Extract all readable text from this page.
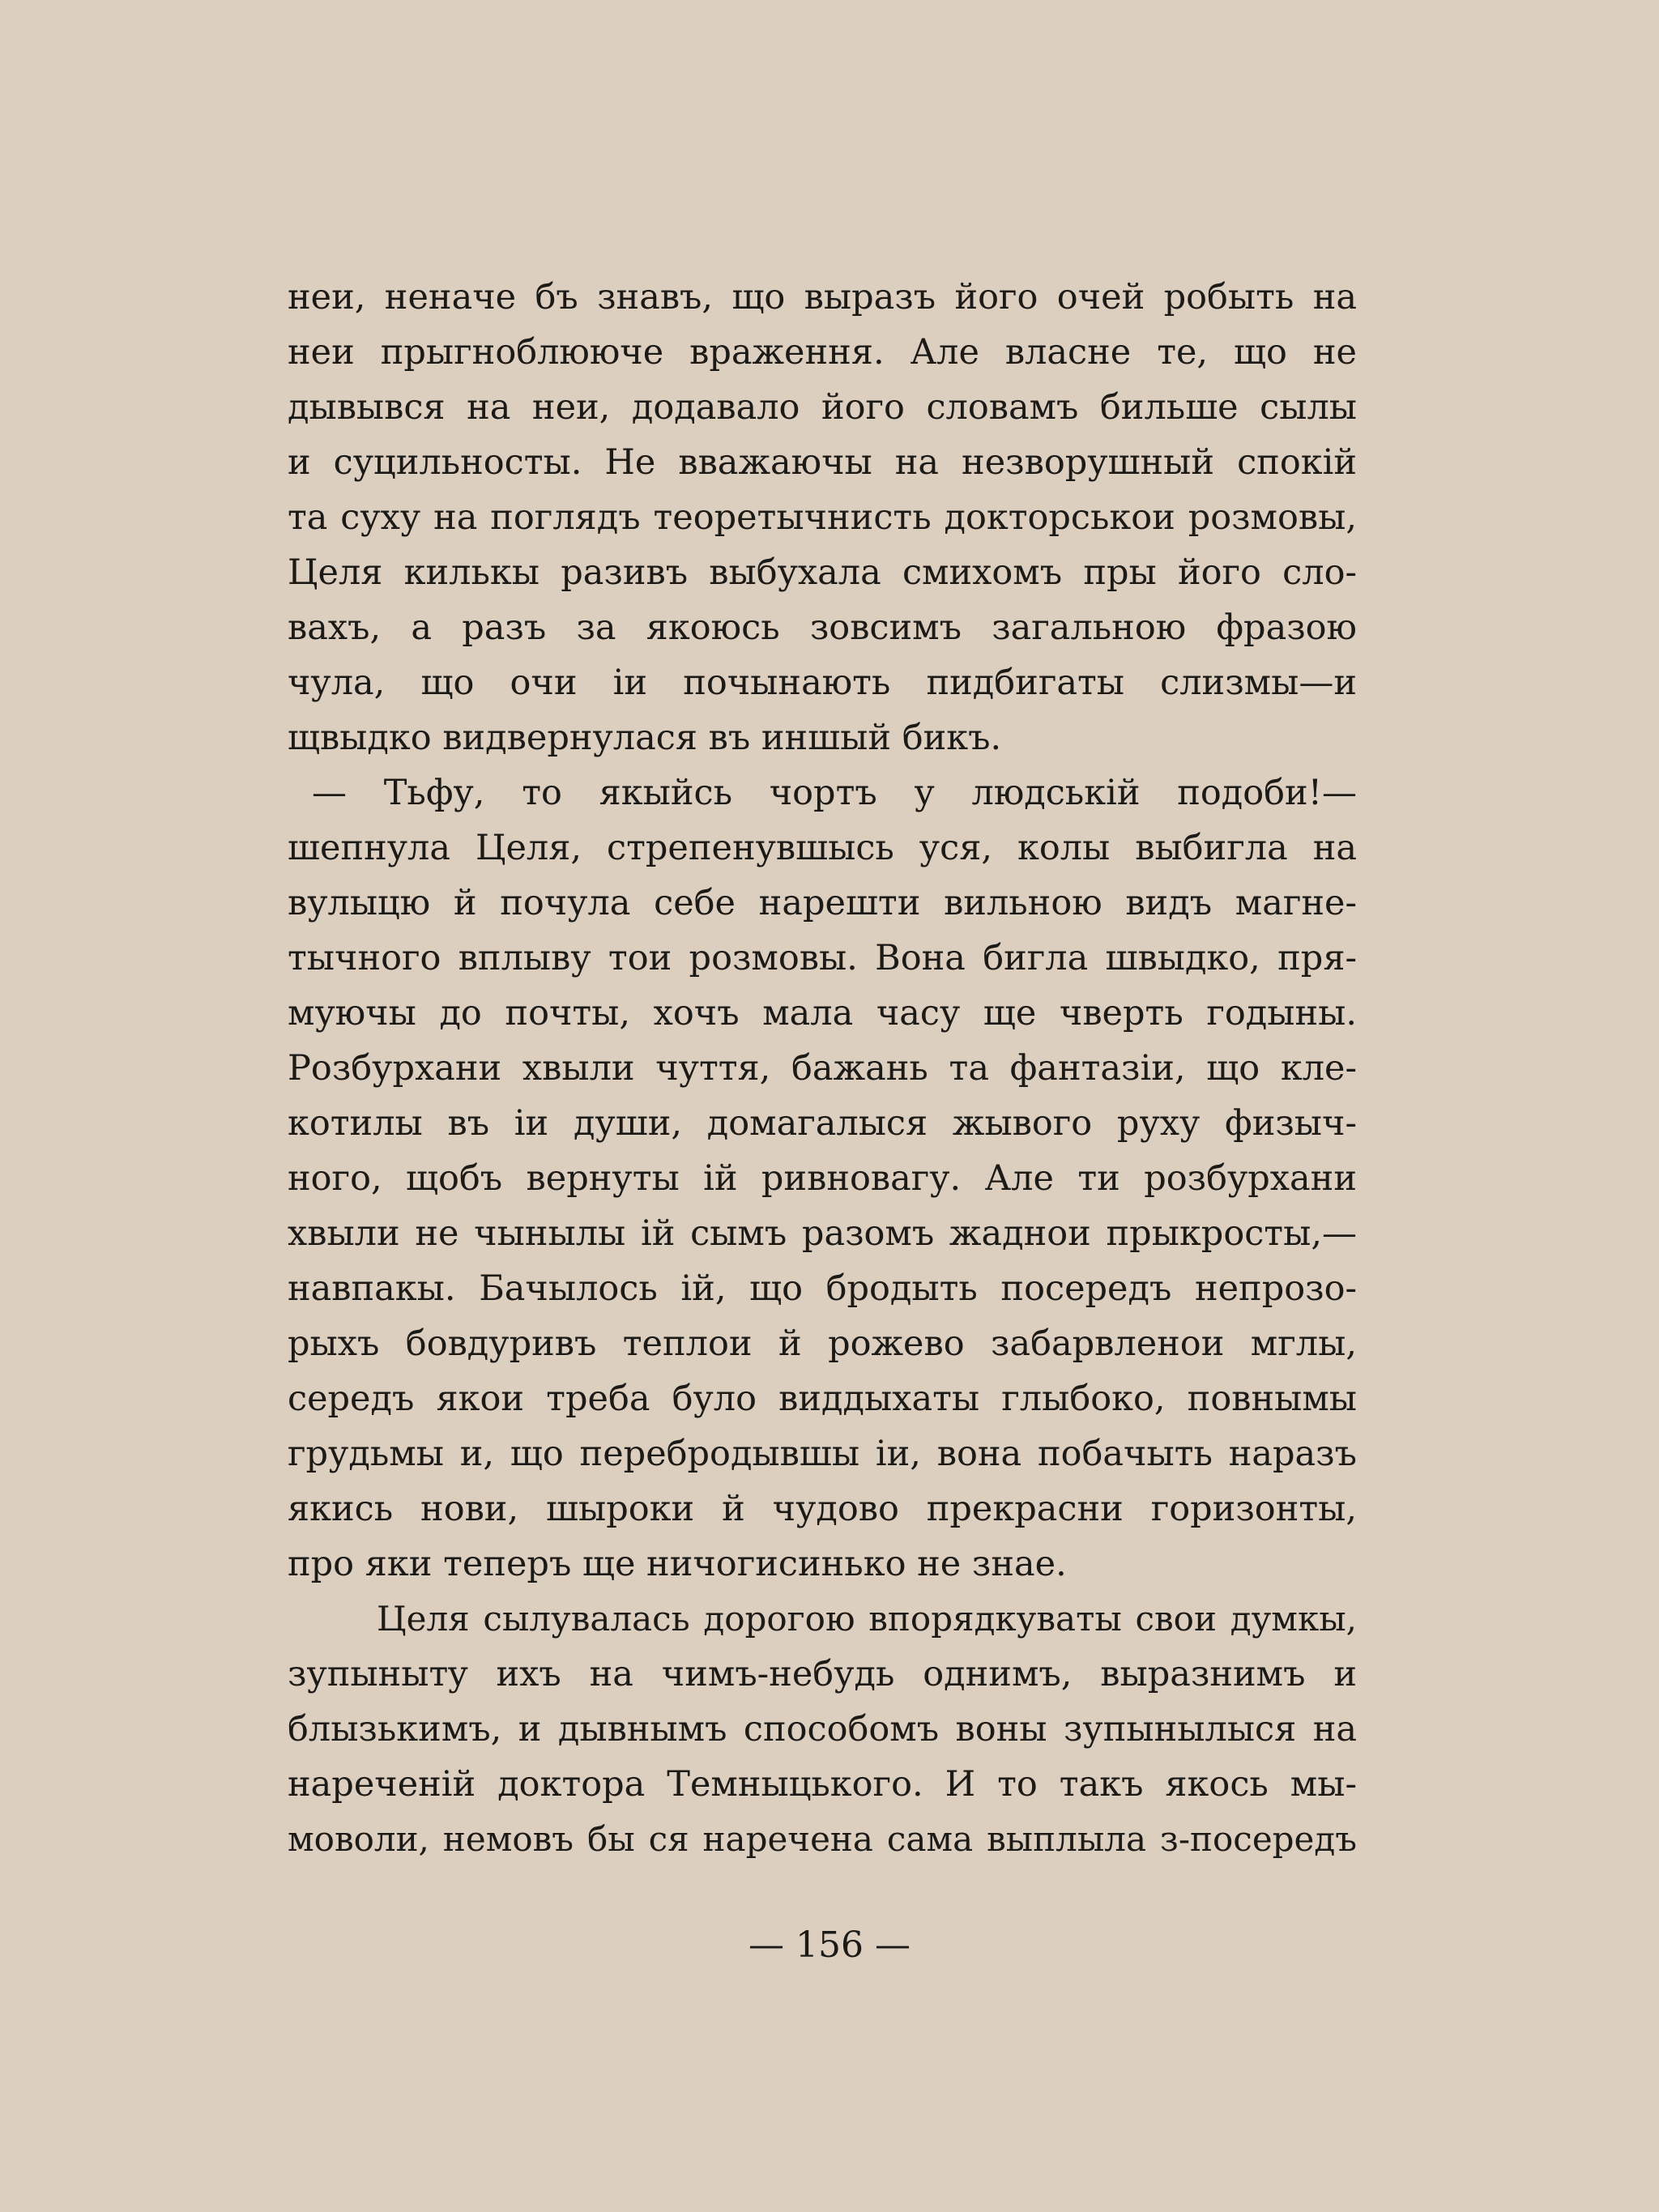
неи, неначе бъ знавъ, що выразъ його очей робыть на
неи прыгноблююче враження. Але власне те, що не
дывывся на неи, додавало його словамъ бильше сылы
и суцильносты. Не вважаючы на незворушный спокій
та суху на поглядъ теоретычнисть докторськои розмовы,
Целя килькы разивъ выбухала смихомъ пры його сло-
вахъ, а разъ за якоюсь зовсимъ загальною фразою
чула, що очи іи почынають пидбигаты слизмы—и
щвыдко видвернулася въ иншый бикъ.
— Тьфу, то якыйсь чортъ у людській подоби!—
шепнула Целя, стрепенувшысь уся, колы выбигла на
вулыцю й почула себе нарешти вильною видъ магне-
тычного вплыву тои розмовы. Вона бигла швыдко, пря-
муючы до почты, хочъ мала часу ще чверть годыны.
Розбурхани хвыли чуття, бажань та фантазіи, що кле-
котилы въ іи души, домагалыся жывого руху физыч-
ного, щобъ вернуты ій ривновагу. Але ти розбурхани
хвыли не чынылы ій сымъ разомъ жаднои прыкросты,—
навпакы. Бачылось ій, що бродыть посередъ непрозо-
рыхъ бовдуривъ теплои й рожево забарвленои мглы,
середъ якои треба було виддыхаты глыбоко, повнымы
грудьмы и, що перебродывшы іи, вона побачыть наразъ
якись нови, шыроки й чудово прекрасни горизонты,
про яки теперъ ще ничогисинько не знае.
Целя сылувалась дорогою впорядкуваты свои думкы,
зупынытy ихъ на чимъ-небудь однимъ, выразнимъ и
блызькимъ, и дывнымъ способомъ воны зупынылыся на
нареченій доктора Темныцького. И то такъ якось мы-
моволи, немовъ бы ся наречена сама выплыла з-посередъ
— 156 —
